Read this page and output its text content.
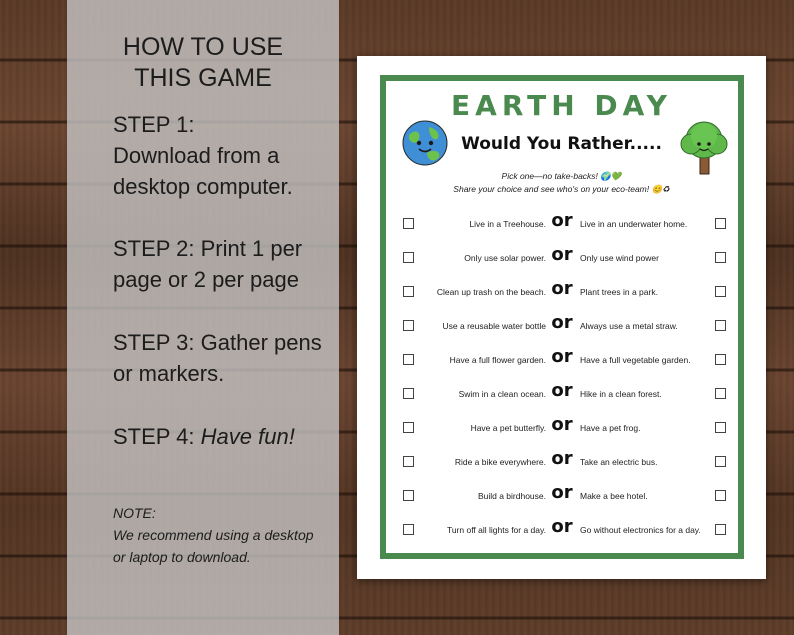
HOW TO USE
THIS GAME
STEP 1:
Download from a
desktop computer.
STEP 2: Print 1 per
page or 2 per page
STEP 3: Gather pens
or markers.
STEP 4: Have fun!
NOTE:
We recommend using a desktop
or laptop to download.
EARTH DAY
Would You Rather.....
Pick one—no take-backs! 🌍💚
Share your choice and see who's on your eco-team! 😊♻
Live in a Treehouse. or Live in an underwater home.
Only use solar power. or Only use wind power
Clean up trash on the beach. or Plant trees in a park.
Use a reusable water bottle or Always use a metal straw.
Have a full flower garden. or Have a full vegetable garden.
Swim in a clean ocean. or Hike in a clean forest.
Have a pet butterfly. or Have a pet frog.
Ride a bike everywhere. or Take an electric bus.
Build a birdhouse. or Make a bee hotel.
Turn off all lights for a day. or Go without electronics for a day.
